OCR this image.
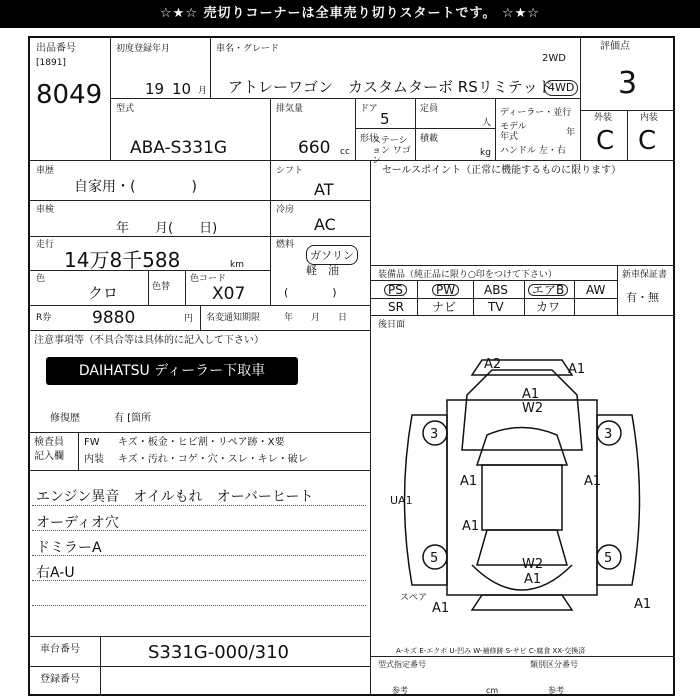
☆★☆ 売切りコーナーは全車売り切りスタートです。 ☆★☆
出品番号
[1891]
8049
初度登録年月
19 10 月
車名・グレード
アトレーワゴン　カスタムターボ RSリミテッド
2WD
4WD
評価点
3
外装	内装
C C
型式
ABA-S331G
排気量
660 cc
ドア
5
定員
人
形状
ステーション ワゴン
積載
kg
ディーラー・並行
モデル
年式	年
ハンドル 左・右
車歴
自家用・(　　　　)
車検
年　　月(　　日)
走行
14万8千588	km
色
クロ	色替
色コード
X07
シフト
AT
冷房
AC
燃料
ガソリン
軽　油
(　　　　)
セールスポイント（正常に機能するものに限ります）
装備品（純正品に限り○印をつけて下さい）	新車保証書
PS	PW	ABS	エアB	AW
SR ナビ	TV	カワ
有・無
R券 9880	円 名変通知期限	年　　月　　日
注意事項等（不具合等は具体的に記入して下さい）
DAIHATSU ディーラー下取車
修復歴	有 [箇所
検査員
記入欄
FW キズ・板金・ヒビ割・リペア跡・X要
内装 キズ・汚れ・コゲ・穴・スレ・キレ・破レ
エンジン異音　オイルもれ　オーバーヒート
オーディオ穴
ドミラーA
右A-U
車台番号	S331G-000/310
登録番号
後日面
A2	A1
A1
W2
3	3
A1	A1
A1
W2
A1
5	5
A1	A1
UA1
スペア
A-キズ E-エクボ U-凹み W-補修跡 S-サビ C-腐食 XX-交換済
型式指定番号	類別区分番号
参考	参考
cm
